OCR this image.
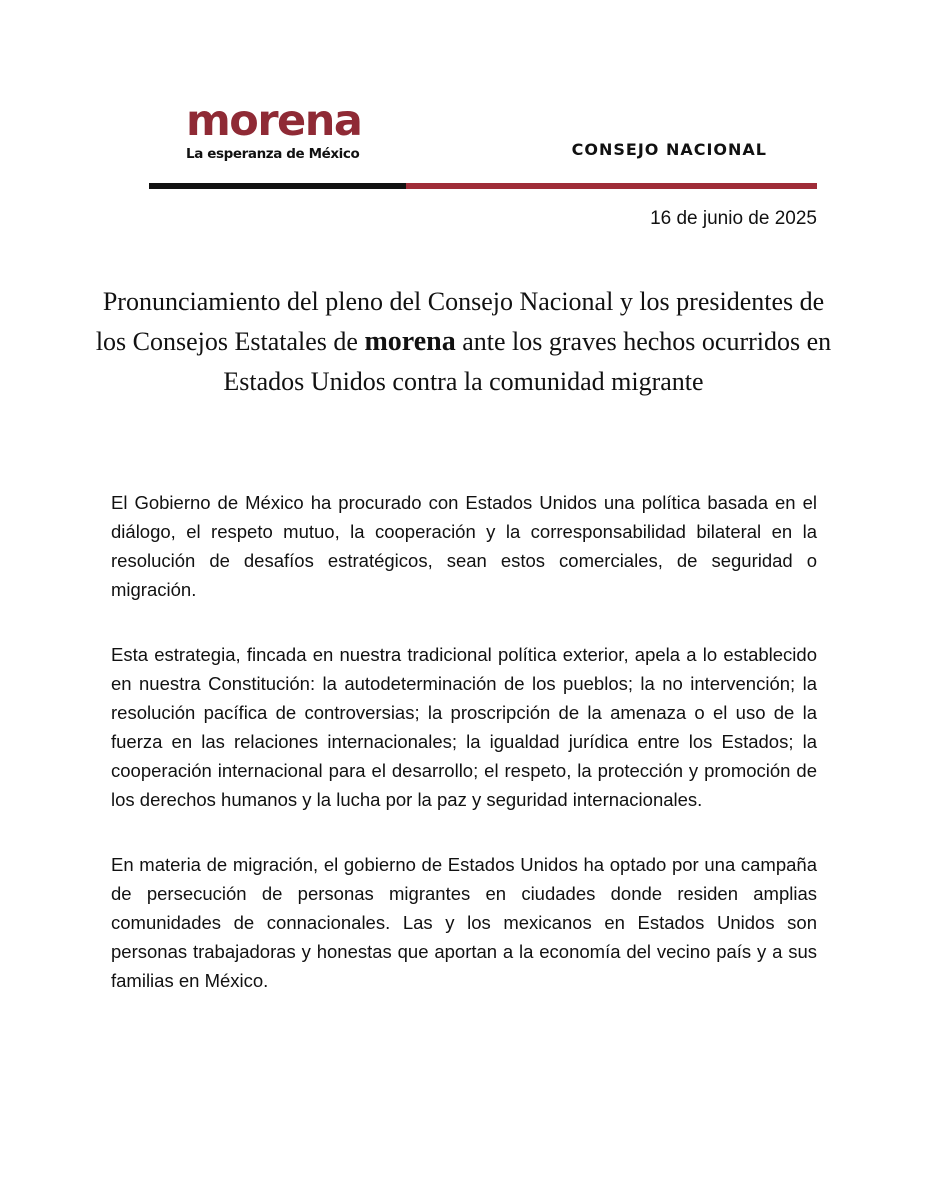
morena
La esperanza de México	CONSEJO NACIONAL
16 de junio de 2025
Pronunciamiento del pleno del Consejo Nacional y los presidentes de los Consejos Estatales de morena ante los graves hechos ocurridos en Estados Unidos contra la comunidad migrante

El Gobierno de México ha procurado con Estados Unidos una política basada en el diálogo, el respeto mutuo, la cooperación y la corresponsabilidad bilateral en la resolución de desafíos estratégicos, sean estos comerciales, de seguridad o migración.

Esta estrategia, fincada en nuestra tradicional política exterior, apela a lo establecido en nuestra Constitución: la autodeterminación de los pueblos; la no intervención; la resolución pacífica de controversias; la proscripción de la amenaza o el uso de la fuerza en las relaciones internacionales; la igualdad jurídica entre los Estados; la cooperación internacional para el desarrollo; el respeto, la protección y promoción de los derechos humanos y la lucha por la paz y seguridad internacionales.

En materia de migración, el gobierno de Estados Unidos ha optado por una campaña de persecución de personas migrantes en ciudades donde residen amplias comunidades de connacionales. Las y los mexicanos en Estados Unidos son personas trabajadoras y honestas que aportan a la economía del vecino país y a sus familias en México.
